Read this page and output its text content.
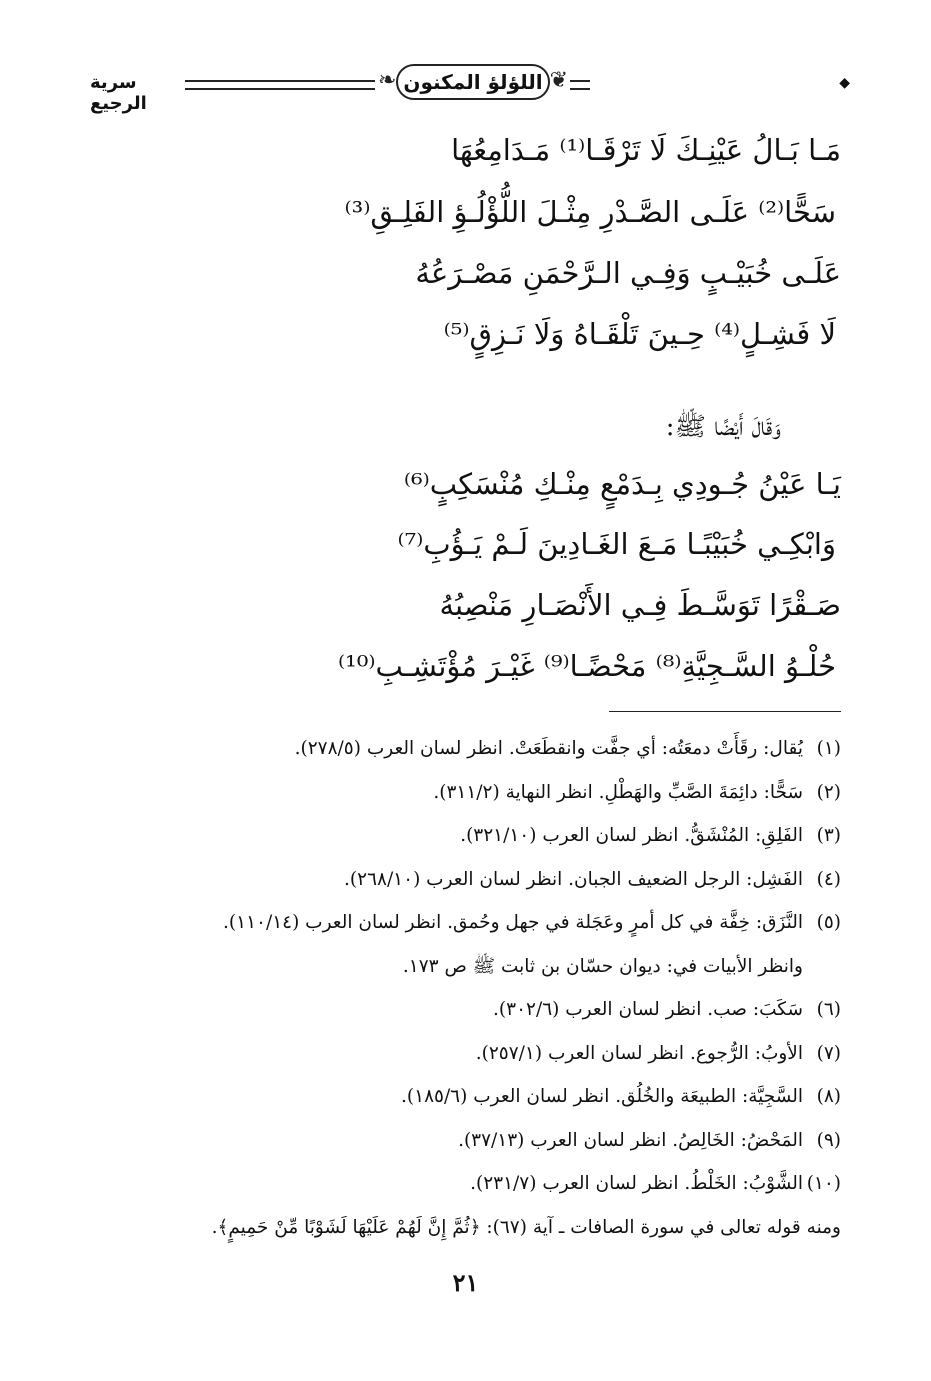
سرية الرجيع
❦
❧ اللؤلؤ المكنون	◆
مَـا بَـالُ عَيْنِـكَ لَا تَرْقَـا⁽¹⁾ مَـدَامِعُهَا
سَحًّا⁽²⁾ عَلَـى الصَّـدْرِ مِثْـلَ اللُّؤْلُـؤِ الفَلِـقِ⁽³⁾
عَلَـى خُبَيْـبٍ وَفِـي الـرَّحْمَنِ مَصْـرَعُهُ
لَا فَشِـلٍ⁽⁴⁾ حِـينَ تَلْقَـاهُ وَلَا نَـزِقٍ⁽⁵⁾
وَقَالَ أَيْضًا ﷺ:
يَـا عَيْنُ جُـودِي بِـدَمْعٍ مِنْـكِ مُنْسَكِبٍ⁽⁶⁾
وَابْكِـي خُبَيْبًـا مَـعَ الغَـادِينَ لَـمْ يَـؤُبِ⁽⁷⁾
صَـقْرًا تَوَسَّـطَ فِـي الأَنْصَـارِ مَنْصِبُهُ
حُلْـوُ السَّـجِيَّةِ⁽⁸⁾ مَحْضًـا⁽⁹⁾ غَيْـرَ مُؤْتَشِـبِ⁽¹⁰⁾
(١)يُقال: رقَأَتْ دمعَتُه: أي جفَّت وانقطَعَتْ. انظر لسان العرب (٢٧٨/٥).
(٢)سَحًّا: دائِمَةَ الصَّبِّ والهَطْلِ. انظر النهاية (٣١١/٢).
(٣)الفَلِقِ: المُنْشَقُّ. انظر لسان العرب (٣٢١/١٠).
(٤)الفَشِل: الرجل الضعيف الجبان. انظر لسان العرب (٢٦٨/١٠).
(٥)النَّزَق: خِفَّة في كل أمرٍ وعَجَلة في جهل وحُمق. انظر لسان العرب (١١٠/١٤).
وانظر الأبيات في: ديوان حسّان بن ثابت ﷺ ص ١٧٣.
(٦)سَكَبَ: صب. انظر لسان العرب (٣٠٢/٦).
(٧)الأوبُ: الرُّجوع. انظر لسان العرب (٢٥٧/١).
(٨)السَّجِيَّة: الطبيعَة والخُلُق. انظر لسان العرب (١٨٥/٦).
(٩)المَحْضُ: الخَالِصُ. انظر لسان العرب (٣٧/١٣).
(١٠)الشَّوْبُ: الخَلْطُ. انظر لسان العرب (٢٣١/٧).
ومنه قوله تعالى في سورة الصافات ـ آية (٦٧): ﴿ثُمَّ إِنَّ لَهُمْ عَلَيْهَا لَشَوْبًا مِّنْ حَمِيمٍ﴾.
٢١
